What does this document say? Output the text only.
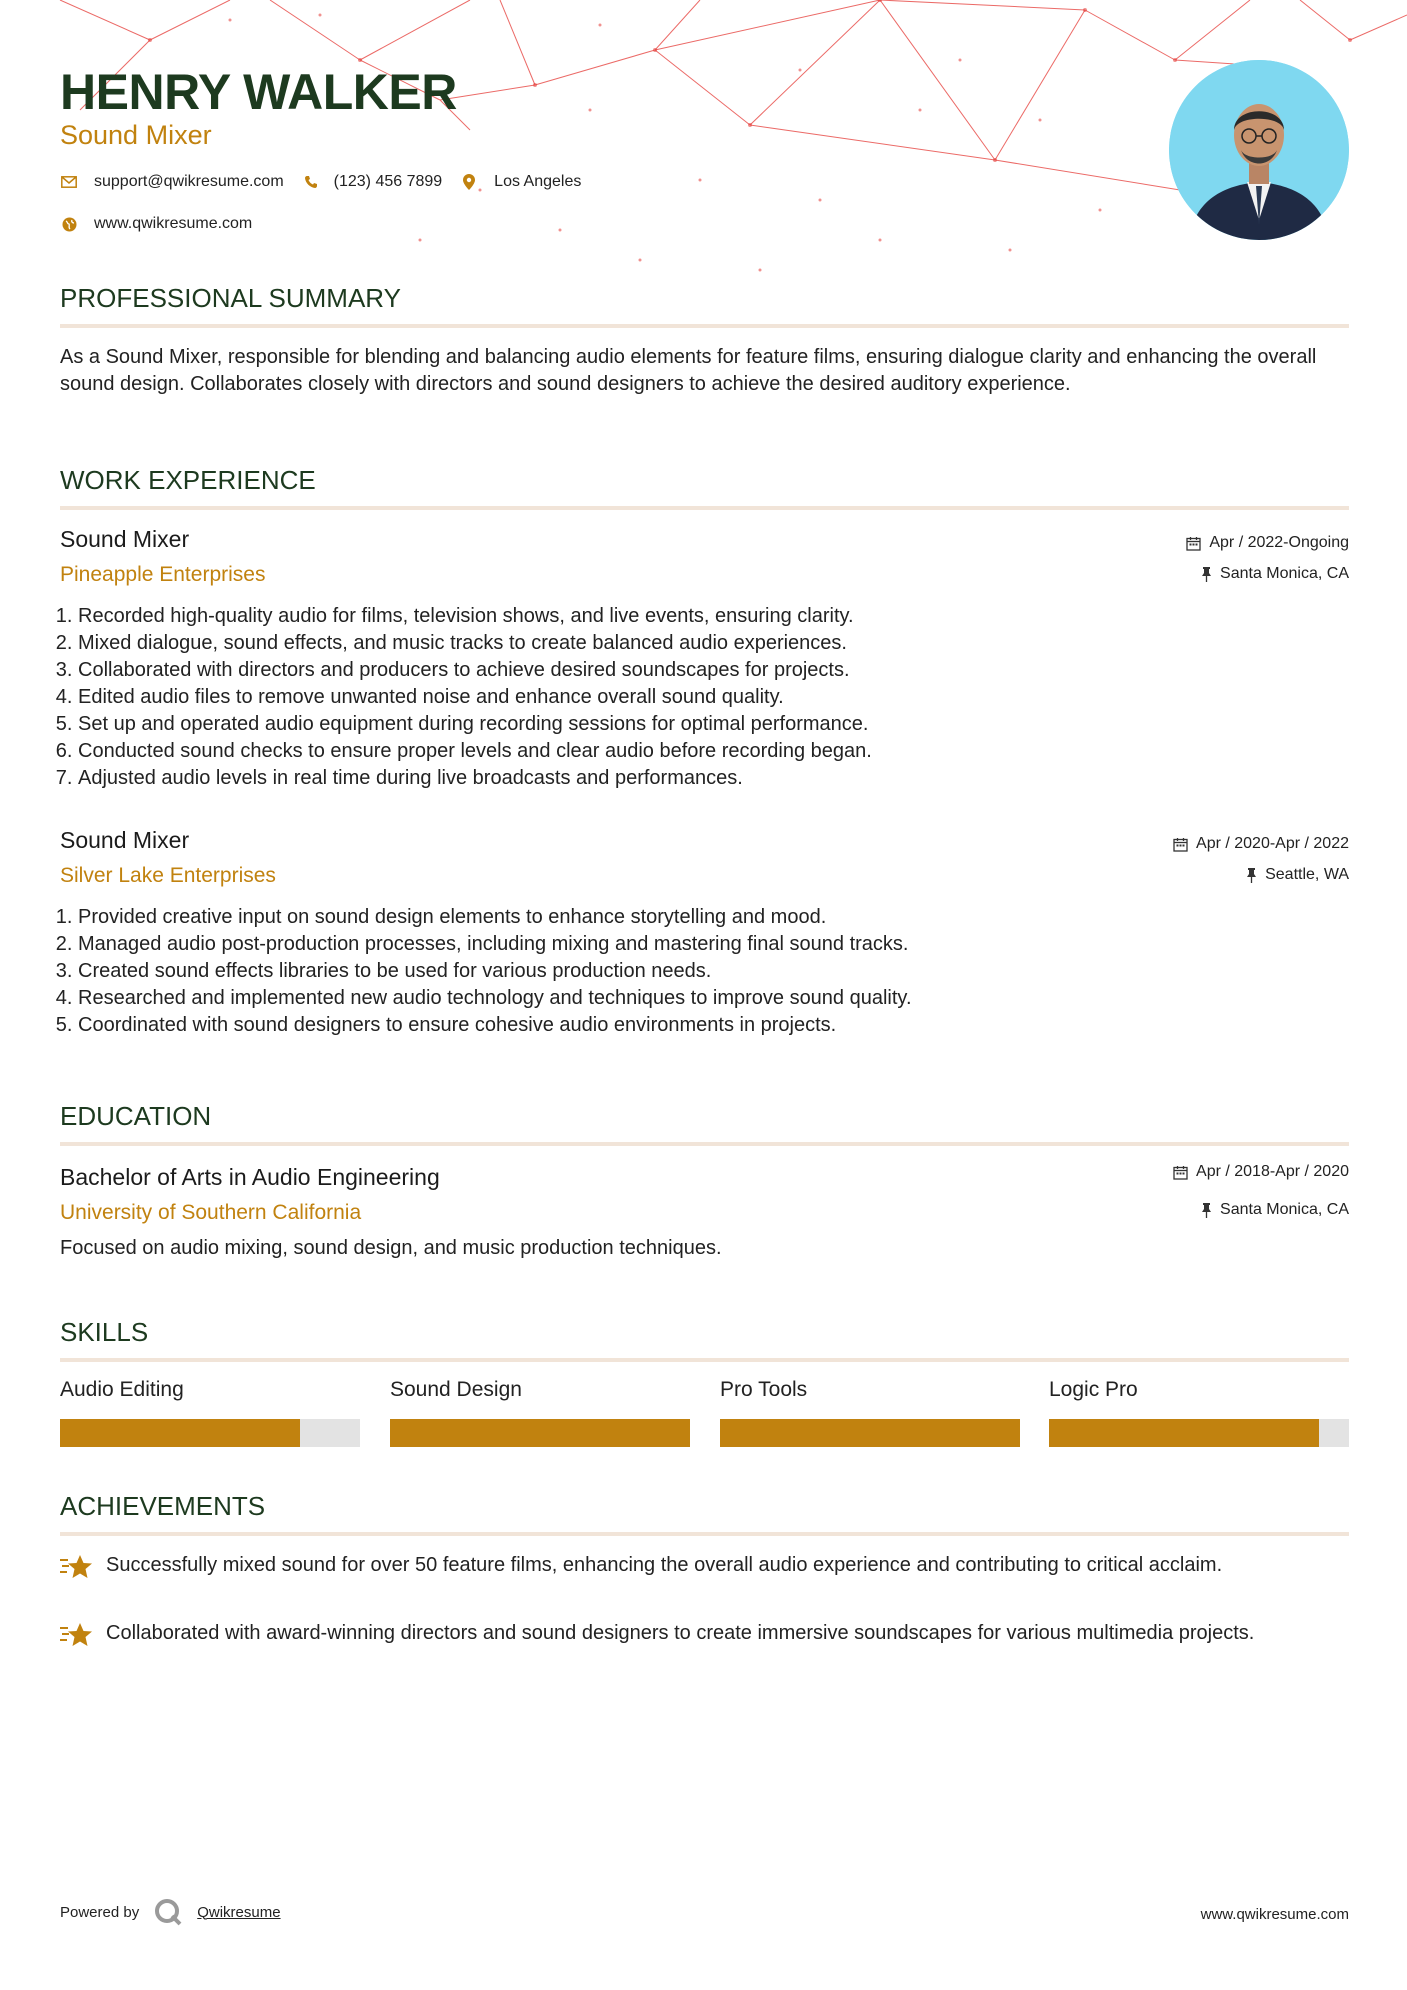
HENRY WALKER
Sound Mixer
support@qwikresume.com	(123) 456 7899	Los Angeles
www.qwikresume.com
PROFESSIONAL SUMMARY
As a Sound Mixer, responsible for blending and balancing audio elements for feature films, ensuring dialogue clarity and enhancing the overall sound design. Collaborates closely with directors and sound designers to achieve the desired auditory experience.
WORK EXPERIENCE
Sound Mixer
Pineapple Enterprises
Apr / 2022-Ongoing
Santa Monica, CA
1. Recorded high-quality audio for films, television shows, and live events, ensuring clarity.
2. Mixed dialogue, sound effects, and music tracks to create balanced audio experiences.
3. Collaborated with directors and producers to achieve desired soundscapes for projects.
4. Edited audio files to remove unwanted noise and enhance overall sound quality.
5. Set up and operated audio equipment during recording sessions for optimal performance.
6. Conducted sound checks to ensure proper levels and clear audio before recording began.
7. Adjusted audio levels in real time during live broadcasts and performances.
Sound Mixer
Silver Lake Enterprises
Apr / 2020-Apr / 2022
Seattle, WA
1. Provided creative input on sound design elements to enhance storytelling and mood.
2. Managed audio post-production processes, including mixing and mastering final sound tracks.
3. Created sound effects libraries to be used for various production needs.
4. Researched and implemented new audio technology and techniques to improve sound quality.
5. Coordinated with sound designers to ensure cohesive audio environments in projects.
EDUCATION
Bachelor of Arts in Audio Engineering
University of Southern California
Apr / 2018-Apr / 2020
Santa Monica, CA
Focused on audio mixing, sound design, and music production techniques.
SKILLS
Audio Editing	Sound Design	Pro Tools	Logic Pro
ACHIEVEMENTS
Successfully mixed sound for over 50 feature films, enhancing the overall audio experience and contributing to critical acclaim.
Collaborated with award-winning directors and sound designers to create immersive soundscapes for various multimedia projects.
Powered by	Qwikresume	www.qwikresume.com
